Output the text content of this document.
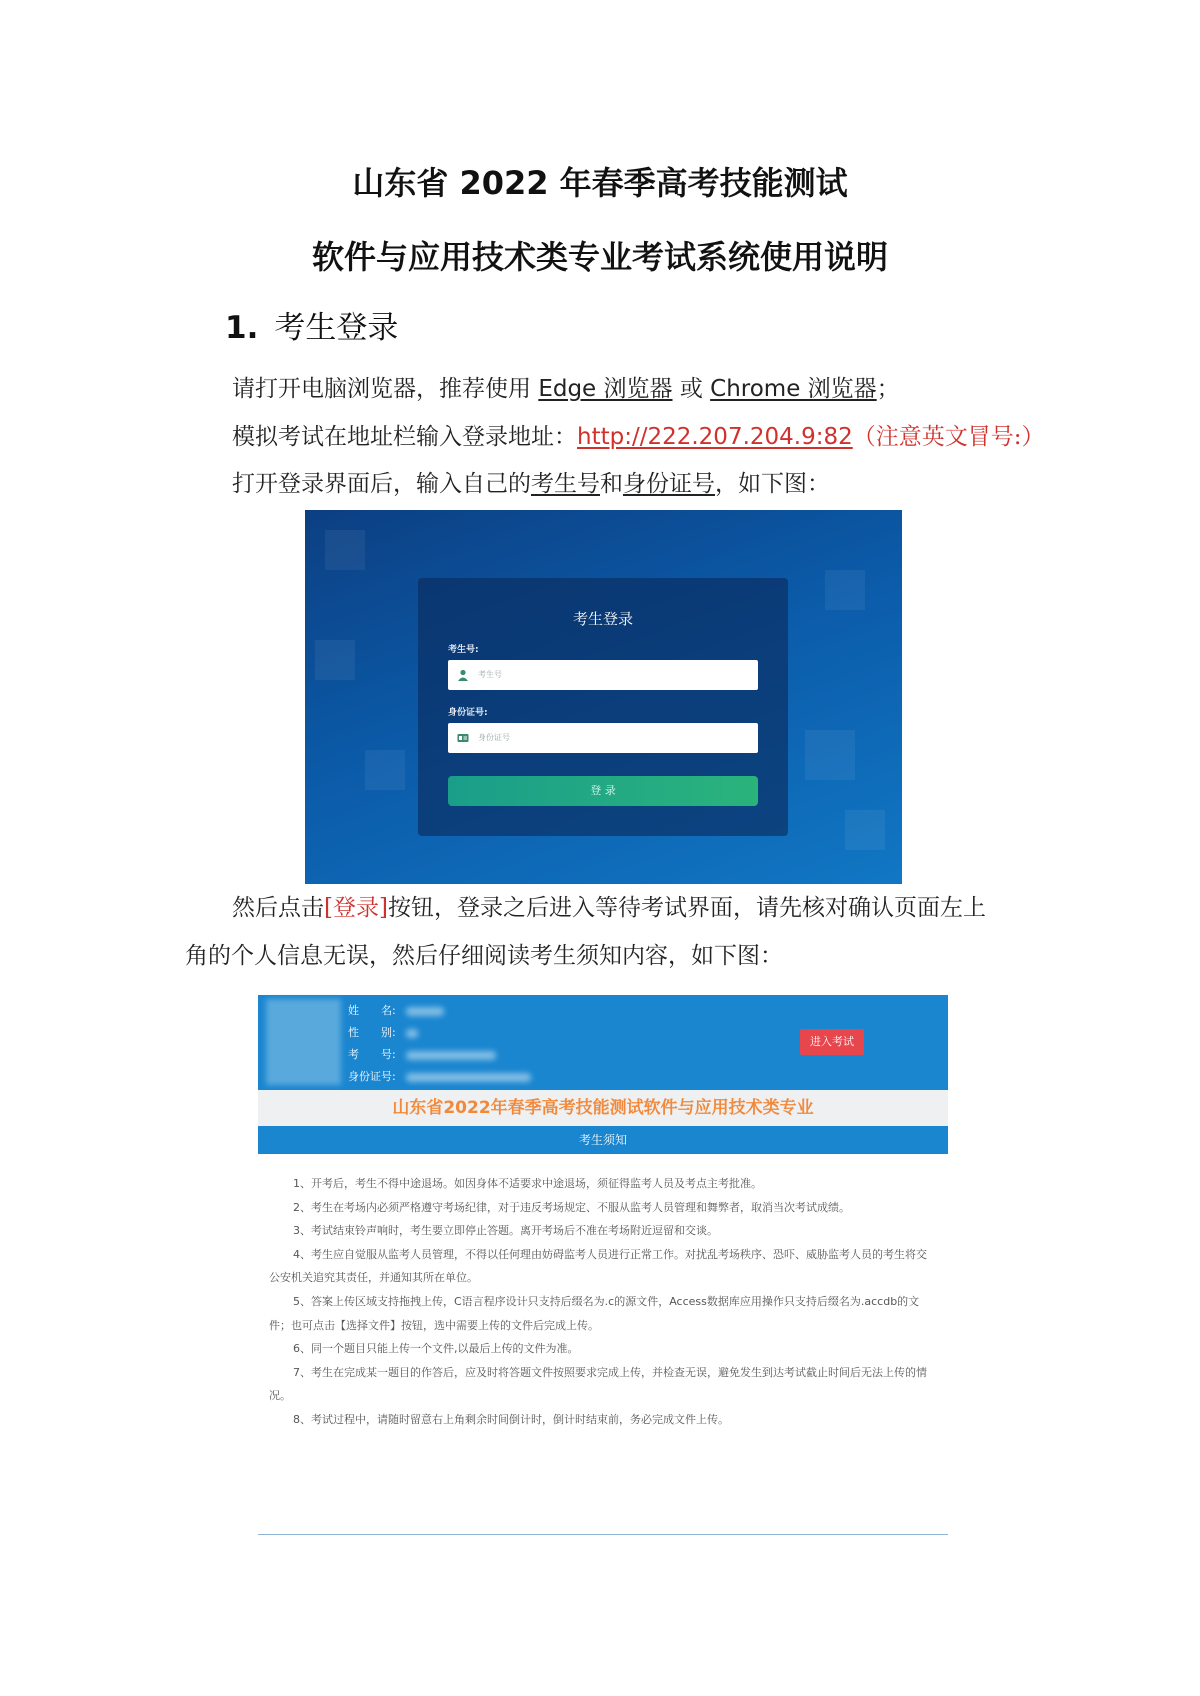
山东省 2022 年春季高考技能测试
软件与应用技术类专业考试系统使用说明
1. 考生登录
请打开电脑浏览器，推荐使用 Edge 浏览器 或 Chrome 浏览器；
模拟考试在地址栏输入登录地址：http://222.207.204.9:82（注意英文冒号:）
打开登录界面后，输入自己的考生号和身份证号，如下图：
考生登录
考生号:
考生号
身份证号:
身份证号
登 录
然后点击[登录]按钮，登录之后进入等待考试界面，请先核对确认页面左上
角的个人信息无误，然后仔细阅读考生须知内容，如下图：
姓　　名:
性　　别:
考　　号:
身份证号:
进入考试
山东省2022年春季高考技能测试软件与应用技术类专业
考生须知
1、开考后，考生不得中途退场。如因身体不适要求中途退场，须征得监考人员及考点主考批准。
2、考生在考场内必须严格遵守考场纪律，对于违反考场规定、不服从监考人员管理和舞弊者，取消当次考试成绩。
3、考试结束铃声响时，考生要立即停止答题。离开考场后不准在考场附近逗留和交谈。
4、考生应自觉服从监考人员管理，不得以任何理由妨碍监考人员进行正常工作。对扰乱考场秩序、恐吓、威胁监考人员的考生将交公安机关追究其责任，并通知其所在单位。
5、答案上传区域支持拖拽上传，C语言程序设计只支持后缀名为.c的源文件，Access数据库应用操作只支持后缀名为.accdb的文件；也可点击【选择文件】按钮，选中需要上传的文件后完成上传。
6、同一个题目只能上传一个文件,以最后上传的文件为准。
7、考生在完成某一题目的作答后，应及时将答题文件按照要求完成上传，并检查无误，避免发生到达考试截止时间后无法上传的情况。
8、考试过程中，请随时留意右上角剩余时间倒计时，倒计时结束前，务必完成文件上传。
